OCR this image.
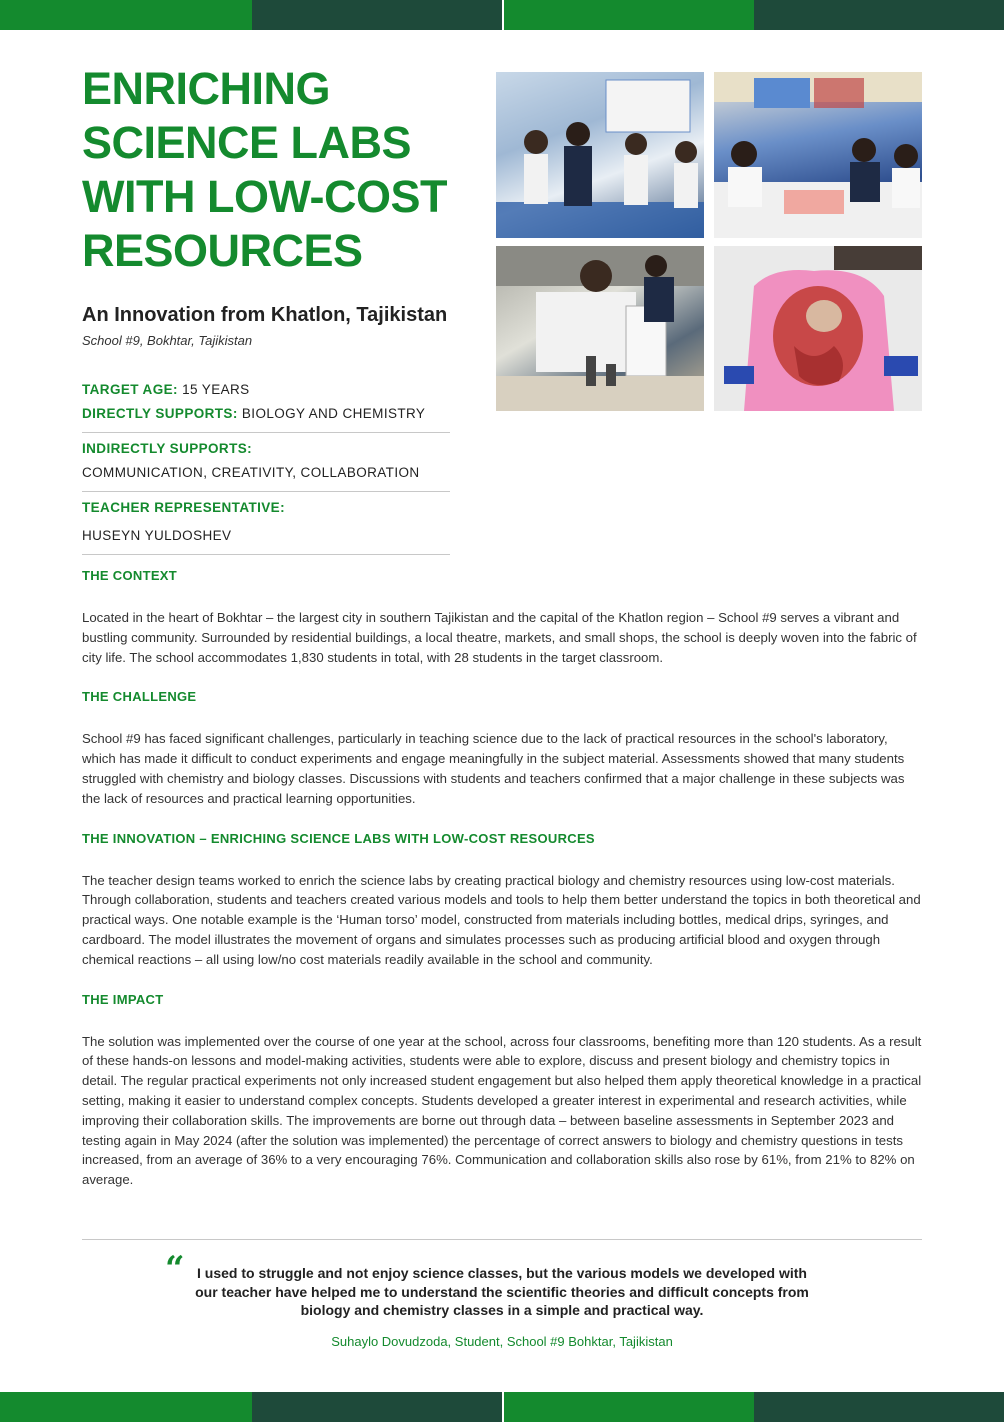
ENRICHING
SCIENCE LABS
WITH LOW-COST
RESOURCES
An Innovation from Khatlon, Tajikistan
School #9, Bokhtar, Tajikistan
TARGET AGE: 15 YEARS
DIRECTLY SUPPORTS: BIOLOGY AND CHEMISTRY
INDIRECTLY SUPPORTS:
COMMUNICATION, CREATIVITY, COLLABORATION
TEACHER REPRESENTATIVE:
HUSEYN YULDOSHEV
THE CONTEXT
Located in the heart of Bokhtar – the largest city in southern Tajikistan and the capital of the Khatlon region – School #9 serves a vibrant and bustling community. Surrounded by residential buildings, a local theatre, markets, and small shops, the school is deeply woven into the fabric of city life. The school accommodates 1,830 students in total, with 28 students in the target classroom.
THE CHALLENGE
School #9 has faced significant challenges, particularly in teaching science due to the lack of practical resources in the school's laboratory, which has made it difficult to conduct experiments and engage meaningfully in the subject material. Assessments showed that many students struggled with chemistry and biology classes. Discussions with students and teachers confirmed that a major challenge in these subjects was the lack of resources and practical learning opportunities.
THE INNOVATION – ENRICHING SCIENCE LABS WITH LOW-COST RESOURCES
The teacher design teams worked to enrich the science labs by creating practical biology and chemistry resources using low-cost materials. Through collaboration, students and teachers created various models and tools to help them better understand the topics in both theoretical and practical ways. One notable example is the ‘Human torso’ model, constructed from materials including bottles, medical drips, syringes, and cardboard. The model illustrates the movement of organs and simulates processes such as producing artificial blood and oxygen through chemical reactions – all using low/no cost materials readily available in the school and community.
THE IMPACT
The solution was implemented over the course of one year at the school, across four classrooms, benefiting more than 120 students. As a result of these hands-on lessons and model-making activities, students were able to explore, discuss and present biology and chemistry topics in detail. The regular practical experiments not only increased student engagement but also helped them apply theoretical knowledge in a practical setting, making it easier to understand complex concepts. Students developed a greater interest in experimental and research activities, while improving their collaboration skills. The improvements are borne out through data – between baseline assessments in September 2023 and testing again in May 2024 (after the solution was implemented) the percentage of correct answers to biology and chemistry questions in tests increased, from an average of 36% to a very encouraging 76%. Communication and collaboration skills also rose by 61%, from 21% to 82% on average.
“ I used to struggle and not enjoy science classes, but the various models we developed with our teacher have helped me to understand the scientific theories and difficult concepts from biology and chemistry classes in a simple and practical way.
Suhaylo Dovudzoda, Student, School #9 Bohktar, Tajikistan
